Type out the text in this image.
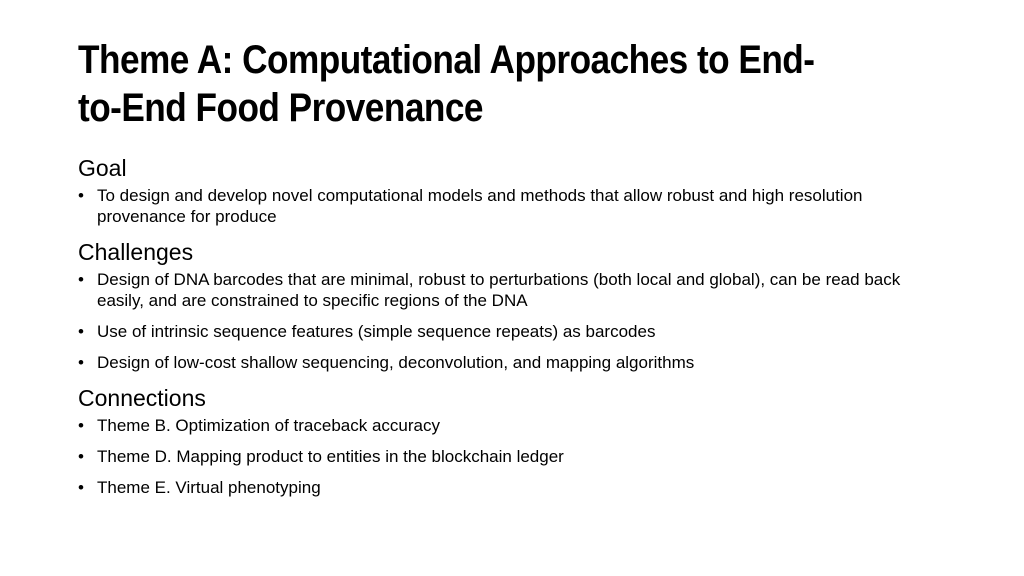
Theme A: Computational Approaches to End-
to-End Food Provenance
Goal
• To design and develop novel computational models and methods that allow robust and high resolution provenance for produce
Challenges
• Design of DNA barcodes that are minimal, robust to perturbations (both local and global), can be read back easily, and are constrained to specific regions of the DNA
• Use of intrinsic sequence features (simple sequence repeats) as barcodes
• Design of low-cost shallow sequencing, deconvolution, and mapping algorithms
Connections
• Theme B. Optimization of traceback accuracy
• Theme D. Mapping product to entities in the blockchain ledger
• Theme E. Virtual phenotyping
